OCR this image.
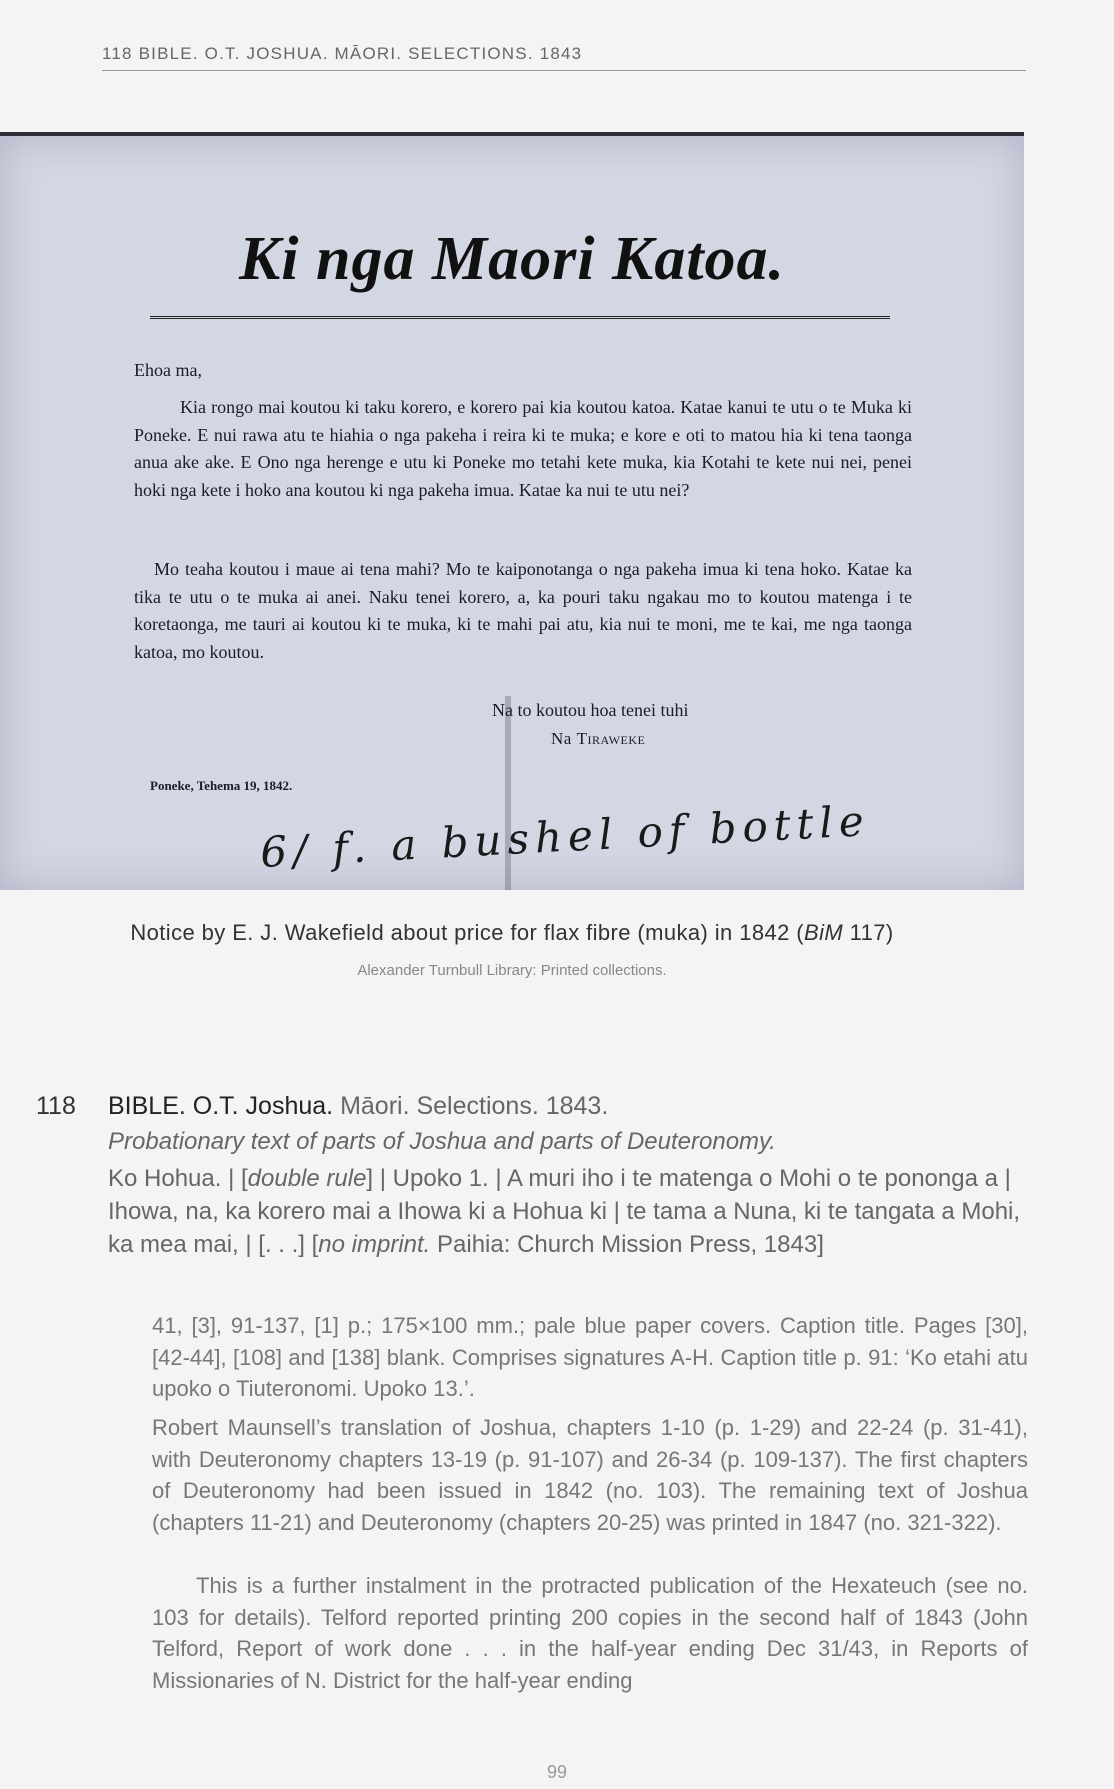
118 BIBLE. O.T. JOSHUA. MĀORI. SELECTIONS. 1843
Ki nga Maori Katoa.
Ehoa ma,

Kia rongo mai koutou ki taku korero, e korero pai kia koutou katoa. Katae kanui te utu o te Muka ki Poneke. E nui rawa atu te hiahia o nga pakeha i reira ki te muka; e kore e oti to matou hia ki tena taonga anua ake ake. E Ono nga herenge e utu ki Poneke mo tetahi kete muka, kia Kotahi te kete nui nei, penei hoki nga kete i hoko ana koutou ki nga pakeha imua. Katae ka nui te utu nei?

Mo teaha koutou i maue ai tena mahi? Mo te kaiponotanga o nga pakeha imua ki tena hoko. Katae ka tika te utu o te muka ai anei. Naku tenei korero, a, ka pouri taku ngakau mo to koutou matenga i te koretaonga, me tauri ai koutou ki te muka, ki te mahi pai atu, kia nui te moni, me te kai, me nga taonga katoa, mo koutou.

Na to koutou hoa tenei tuhi
Na Tiraweke
Poneke, Tehema 19, 1842.
6/ f. a bushel of bottle
Notice by E. J. Wakefield about price for flax fibre (muka) in 1842 (BiM 117)
Alexander Turnbull Library: Printed collections.
118 BIBLE. O.T. Joshua. Māori. Selections. 1843.
Probationary text of parts of Joshua and parts of Deuteronomy.

Ko Hohua. | [double rule] | Upoko 1. | A muri iho i te matenga o Mohi o te pononga a | Ihowa, na, ka korero mai a Ihowa ki a Hohua ki | te tama a Nuna, ki te tangata a Mohi, ka mea mai, | [. . .] [no imprint. Paihia: Church Mission Press, 1843]

41, [3], 91-137, [1] p.; 175×100 mm.; pale blue paper covers. Caption title. Pages [30], [42-44], [108] and [138] blank. Comprises signatures A-H. Caption title p. 91: ‘Ko etahi atu upoko o Tiuteronomi. Upoko 13.’.

Robert Maunsell’s translation of Joshua, chapters 1-10 (p. 1-29) and 22-24 (p. 31-41), with Deuteronomy chapters 13-19 (p. 91-107) and 26-34 (p. 109-137). The first chapters of Deuteronomy had been issued in 1842 (no. 103). The remaining text of Joshua (chapters 11-21) and Deuteronomy (chapters 20-25) was printed in 1847 (no. 321-322).

This is a further instalment in the protracted publication of the Hexateuch (see no. 103 for details). Telford reported printing 200 copies in the second half of 1843 (John Telford, Report of work done . . . in the half-year ending Dec 31/43, in Reports of Missionaries of N. District for the half-year ending

99
